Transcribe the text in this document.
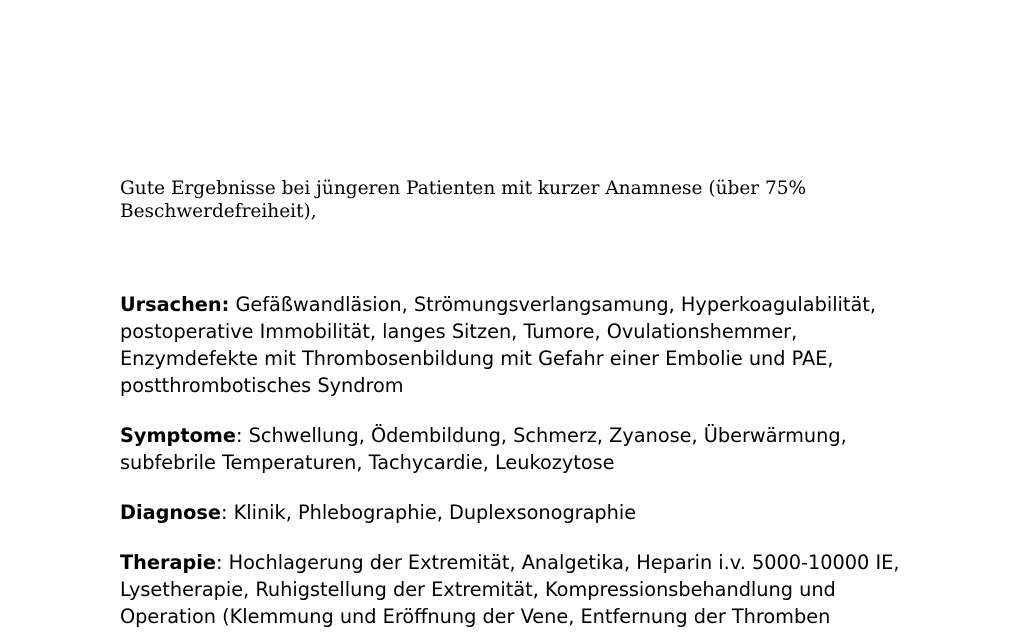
Gute Ergebnisse bei jüngeren Patienten mit kurzer Anamnese (über 75% Beschwerdefreiheit),

Ursachen: Gefäßwandläsion, Strömungsverlangsamung, Hyperkoagulabilität, postoperative Immobilität, langes Sitzen, Tumore, Ovulationshemmer, Enzymdefekte mit Thrombosenbildung mit Gefahr einer Embolie und PAE, postthrombotisches Syndrom

Symptome: Schwellung, Ödembildung, Schmerz, Zyanose, Überwärmung, subfebrile Temperaturen, Tachycardie, Leukozytose

Diagnose: Klinik, Phlebographie, Duplexsonographie

Therapie: Hochlagerung der Extremität, Analgetika, Heparin i.v. 5000-10000 IE, Lysetherapie, Ruhigstellung der Extremität, Kompressionsbehandlung und Operation (Klemmung und Eröffnung der Vene, Entfernung der Thromben
